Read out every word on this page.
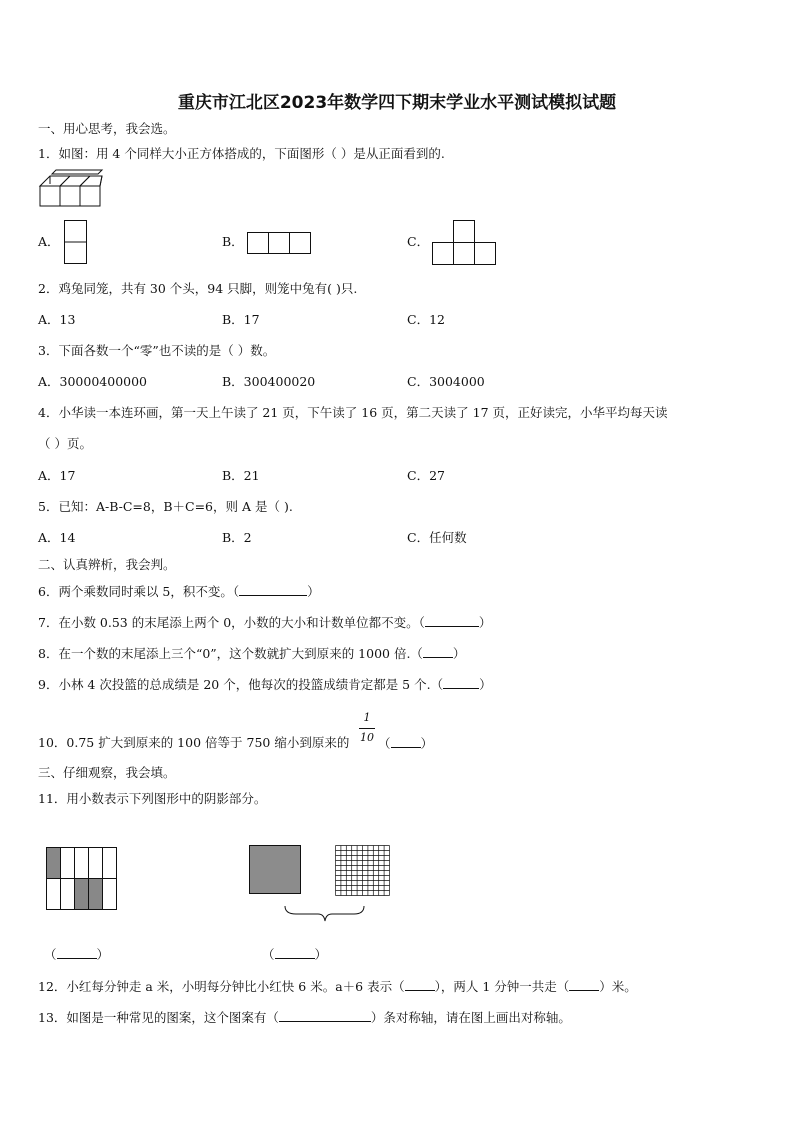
重庆市江北区2023年数学四下期末学业水平测试模拟试题
一、用心思考，我会选。
1．如图：用 4 个同样大小正方体搭成的，下面图形（ ）是从正面看到的.
A．	B．	C．
2．鸡兔同笼，共有 30 个头，94 只脚，则笼中兔有( )只.
A．13	B．17	C．12
3．下面各数一个“零”也不读的是（ ）数。
A．30000400000	B．300400020	C．3004000
4．小华读一本连环画，第一天上午读了 21 页，下午读了 16 页，第二天读了 17 页，正好读完，小华平均每天读
（ ）页。
A．17	B．21	C．27
5．已知：A-B-C=8，B＋C=6，则 A 是（ ).
A．14	B．2	C．任何数
二、认真辨析，我会判。
6．两个乘数同时乘以 5，积不变。（	）
7．在小数 0.53 的末尾添上两个 0，小数的大小和计数单位都不变。（	）
8．在一个数的末尾添上三个“0”，这个数就扩大到原来的 1000 倍.（ ）
9．小林 4 次投篮的总成绩是 20 个，他每次的投篮成绩肯定都是 5 个.（	）
10．0.75 扩大到原来的 100 倍等于 750 缩小到原来的
1
10 （ ）
三、仔细观察，我会填。
11．用小数表示下列图形中的阴影部分。
（	）	（	）
12．小红每分钟走 a 米，小明每分钟比小红快 6 米。a＋6 表示（ ），两人 1 分钟一共走（ ）米。
13．如图是一种常见的图案，这个图案有（	）条对称轴，请在图上画出对称轴。
